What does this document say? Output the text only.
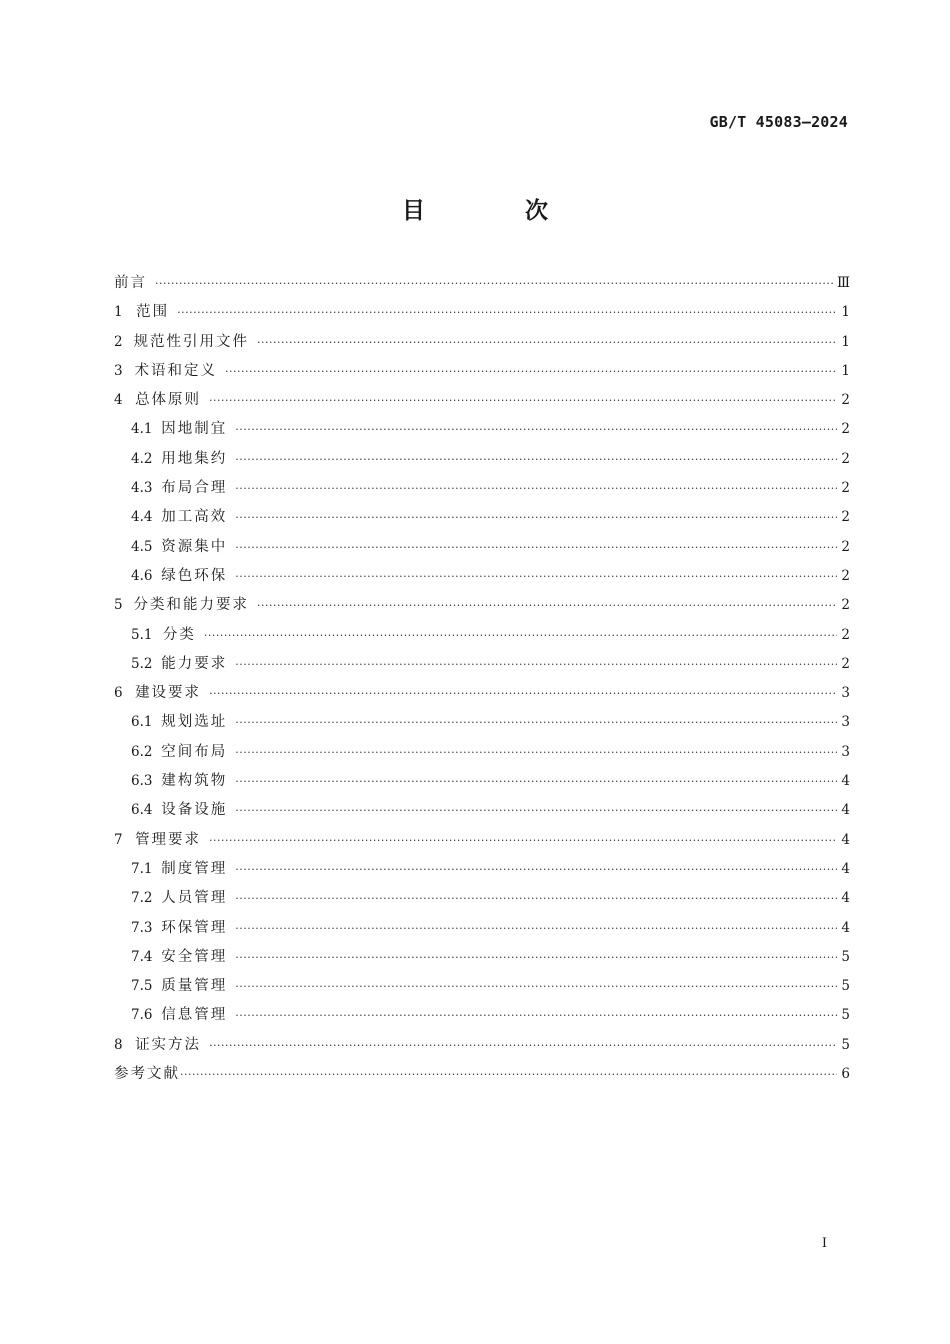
GB/T 45083—2024
目 次
前言 ·····	Ⅲ
1 范围 ·····	1
2 规范性引用文件 ·····	1
3 术语和定义 ·····	1
4 总体原则 ·····	2
4.1 因地制宜 ·····	2
4.2 用地集约 ·····	2
4.3 布局合理 ·····	2
4.4 加工高效 ·····	2
4.5 资源集中 ·····	2
4.6 绿色环保 ·····	2
5 分类和能力要求 ·····	2
5.1 分类 ·····	2
5.2 能力要求 ·····	2
6 建设要求 ·····	3
6.1 规划选址 ·····	3
6.2 空间布局 ·····	3
6.3 建构筑物 ·····	4
6.4 设备设施 ·····	4
7 管理要求 ·····	4
7.1 制度管理 ·····	4
7.2 人员管理 ·····	4
7.3 环保管理 ·····	4
7.4 安全管理 ·····	5
7.5 质量管理 ·····	5
7.6 信息管理 ·····	5
8 证实方法 ·····	5
参考文献 ·····	6
I
